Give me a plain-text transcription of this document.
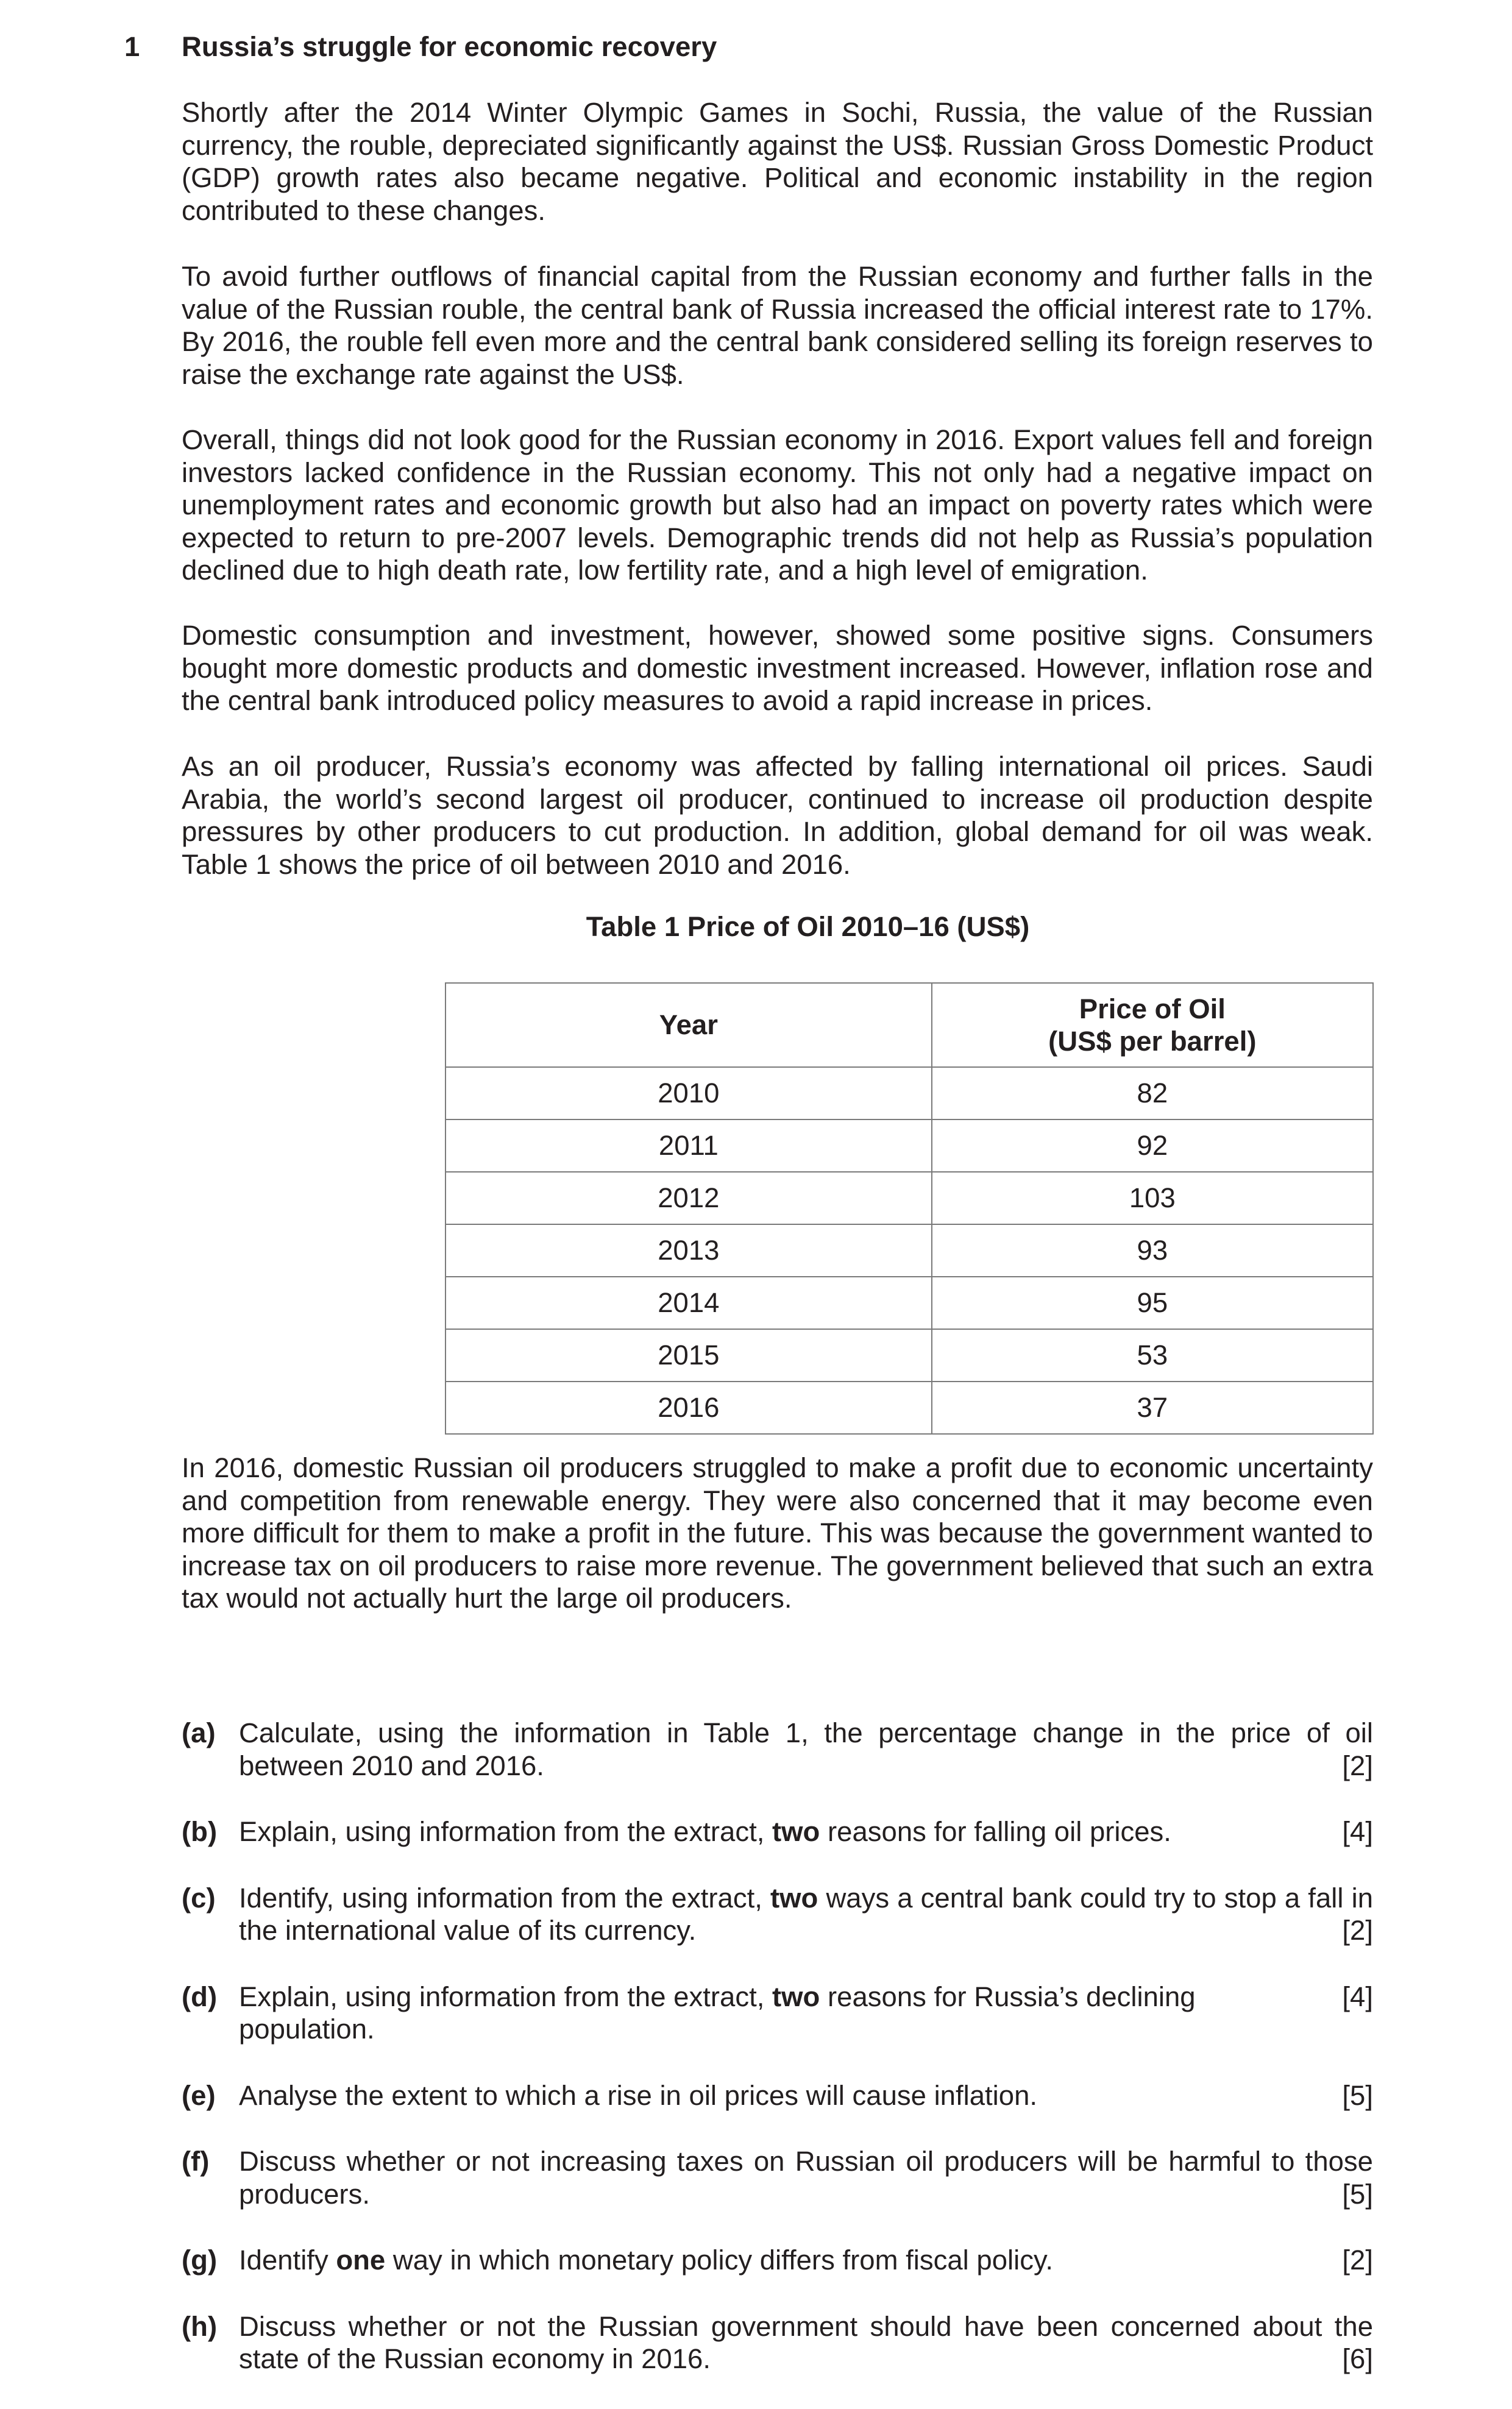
1 Russia’s struggle for economic recovery

Shortly after the 2014 Winter Olympic Games in Sochi, Russia, the value of the Russian currency, the rouble, depreciated significantly against the US$. Russian Gross Domestic Product (GDP) growth rates also became negative. Political and economic instability in the region contributed to these changes.

To avoid further outflows of financial capital from the Russian economy and further falls in the value of the Russian rouble, the central bank of Russia increased the official interest rate to 17%. By 2016, the rouble fell even more and the central bank considered selling its foreign reserves to raise the exchange rate against the US$.

Overall, things did not look good for the Russian economy in 2016. Export values fell and foreign investors lacked confidence in the Russian economy. This not only had a negative impact on unemployment rates and economic growth but also had an impact on poverty rates which were expected to return to pre-2007 levels. Demographic trends did not help as Russia’s population declined due to high death rate, low fertility rate, and a high level of emigration.

Domestic consumption and investment, however, showed some positive signs. Consumers bought more domestic products and domestic investment increased. However, inflation rose and the central bank introduced policy measures to avoid a rapid increase in prices.

As an oil producer, Russia’s economy was affected by falling international oil prices. Saudi Arabia, the world’s second largest oil producer, continued to increase oil production despite pressures by other producers to cut production. In addition, global demand for oil was weak. Table 1 shows the price of oil between 2010 and 2016.

Table 1 Price of Oil 2010–16 (US$)
Year	Price of Oil
(US$ per barrel)
2010	82
2011	92
2012	103
2013	93
2014	95
2015	53
2016	37

In 2016, domestic Russian oil producers struggled to make a profit due to economic uncertainty and competition from renewable energy. They were also concerned that it may become even more difficult for them to make a profit in the future. This was because the government wanted to increase tax on oil producers to raise more revenue. The government believed that such an extra tax would not actually hurt the large oil producers.

(a) Calculate, using the information in Table 1, the percentage change in the price of oil between 2010 and 2016.	[2]
(b) Explain, using information from the extract, two reasons for falling oil prices.	[4]
(c) Identify, using information from the extract, two ways a central bank could try to stop a fall in the international value of its currency.	[2]
(d) Explain, using information from the extract, two reasons for Russia’s declining population.
[4]
(e) Analyse the extent to which a rise in oil prices will cause inflation.	[5]
(f) Discuss whether or not increasing taxes on Russian oil producers will be harmful to those producers.	[5]
(g) Identify one way in which monetary policy differs from fiscal policy.	[2]
(h) Discuss whether or not the Russian government should have been concerned about the state of the Russian economy in 2016.	[6]
